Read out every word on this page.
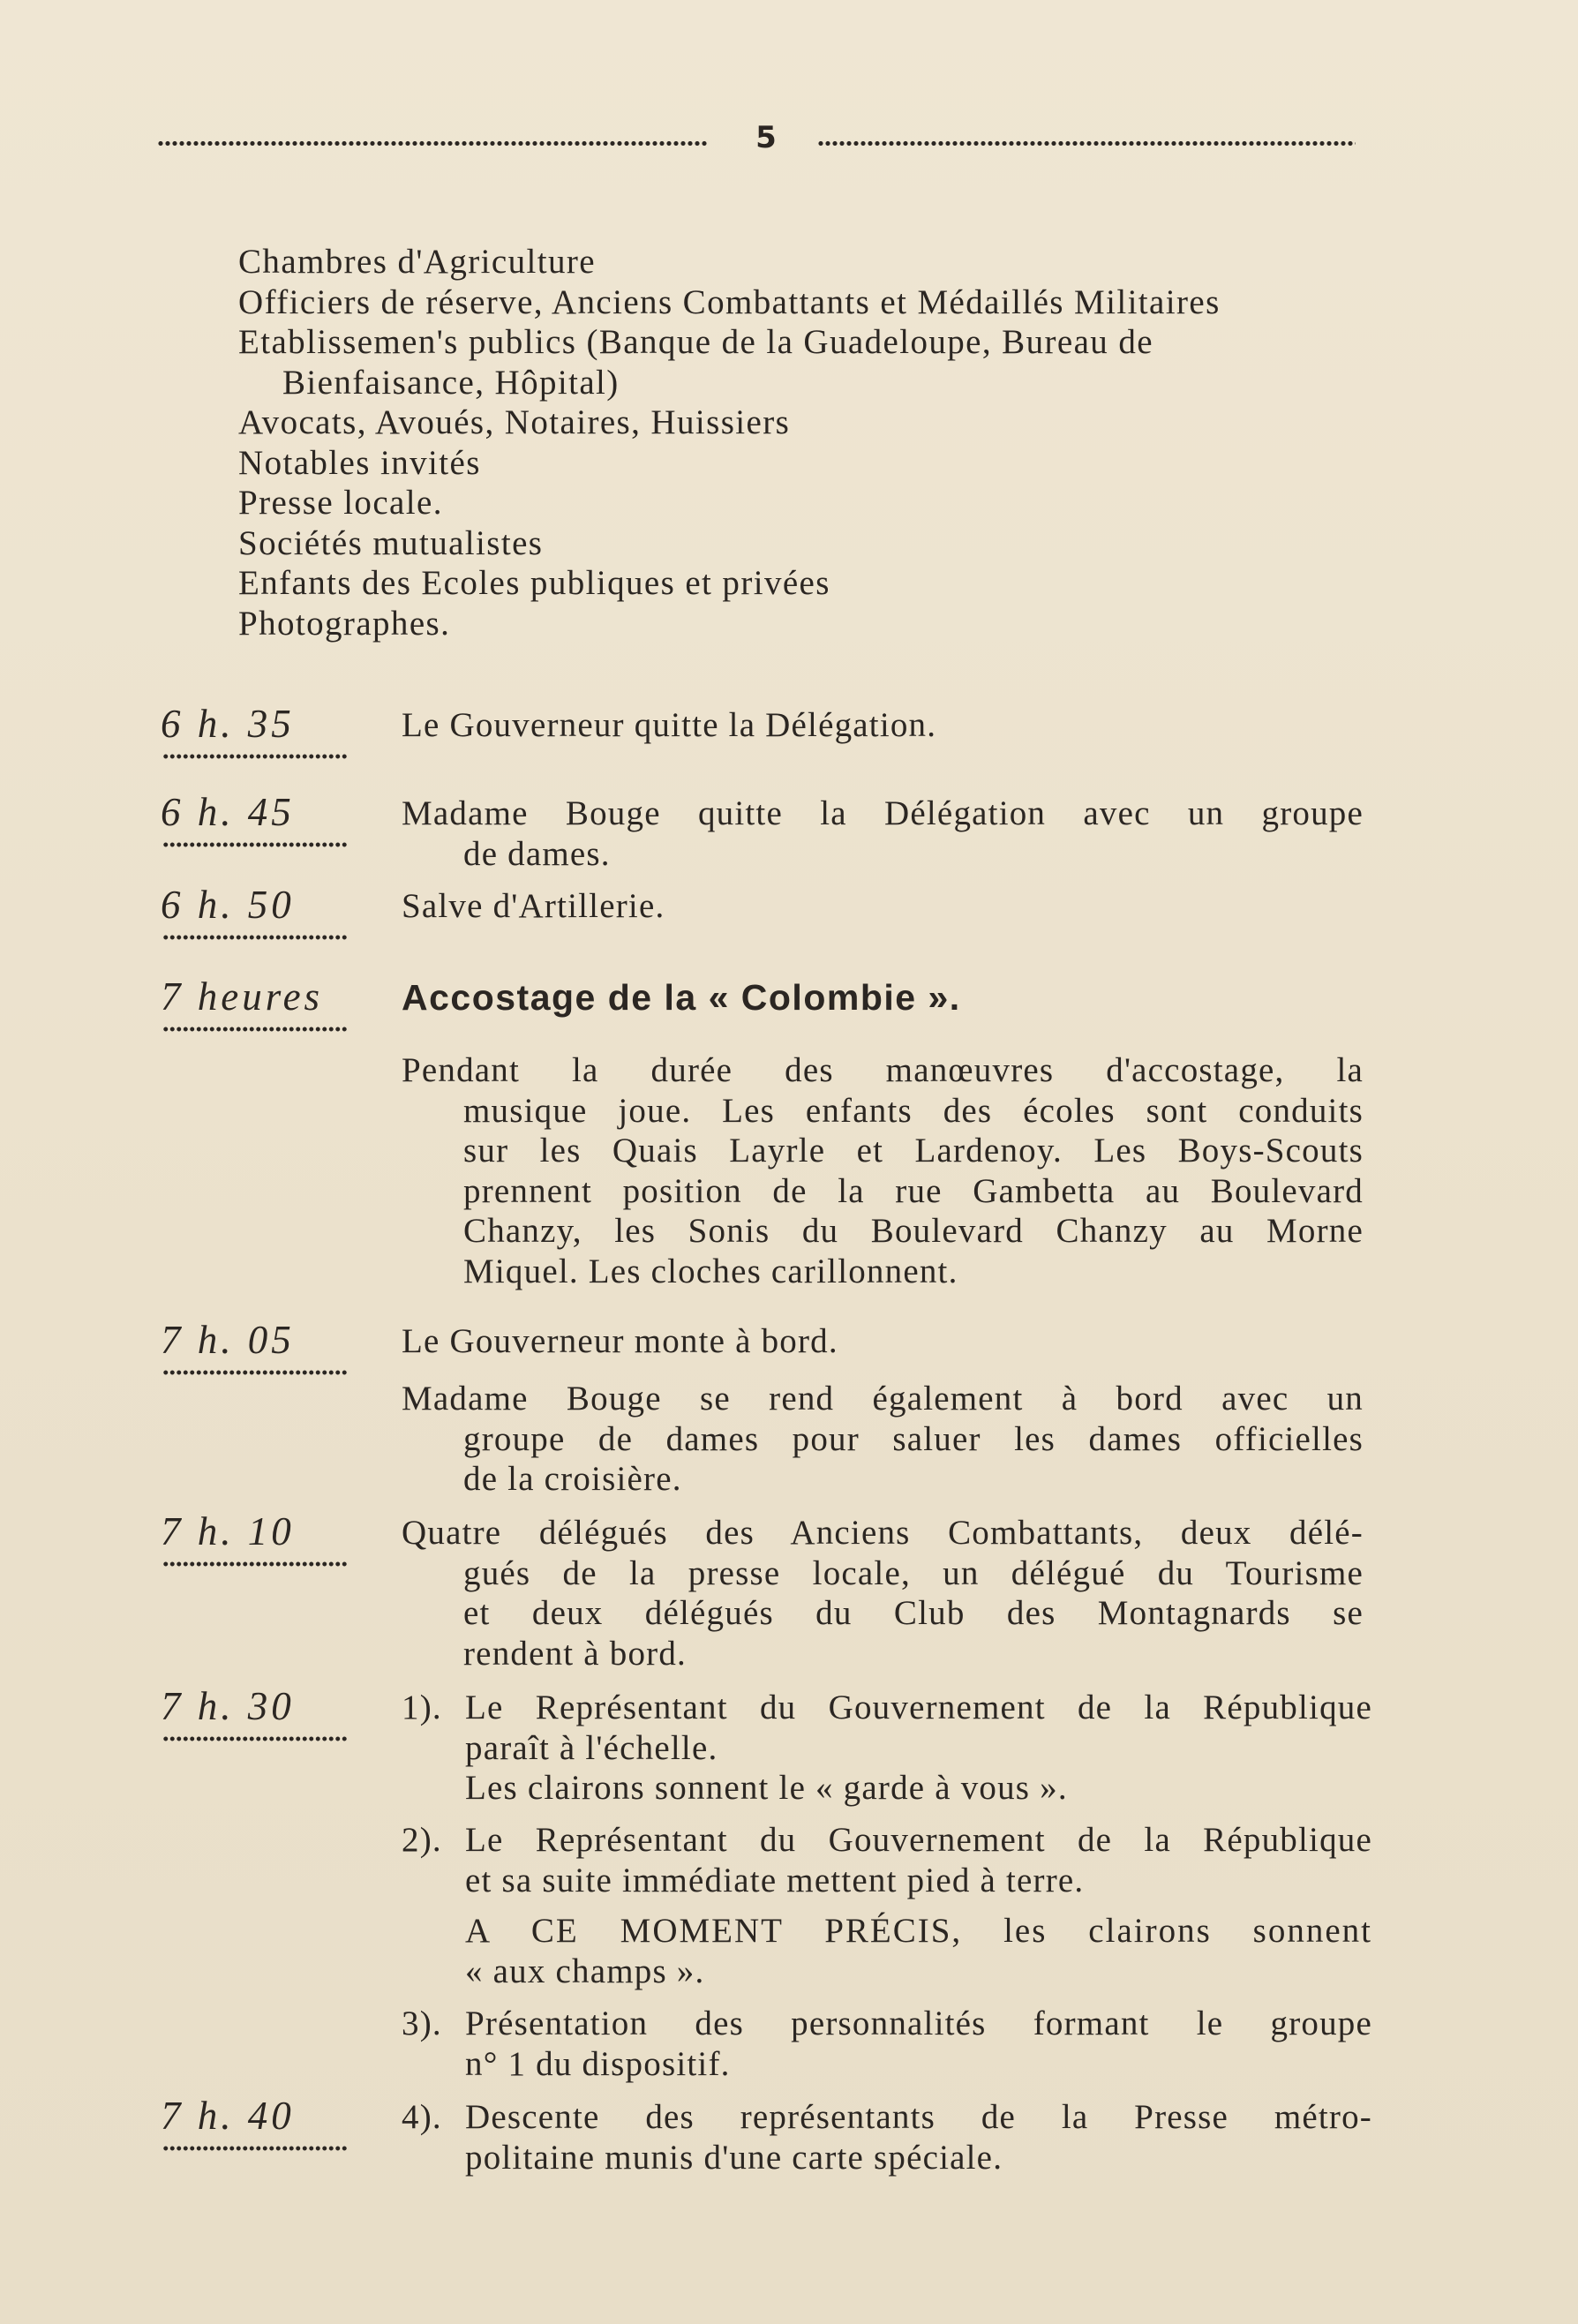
5
Chambres d'Agriculture
Officiers de réserve, Anciens Combattants et Médaillés Militaires
Etablissemen's publics (Banque de la Guadeloupe, Bureau de
Bienfaisance, Hôpital)
Avocats, Avoués, Notaires, Huissiers
Notables invités
Presse locale.
Sociétés mutualistes
Enfants des Ecoles publiques et privées
Photographes.
6 h. 35	Le Gouverneur quitte la Délégation.
6 h. 45	Madame Bouge quitte la Délégation avec un groupe
de dames.
6 h. 50	Salve d'Artillerie.
7 heures Accostage de la « Colombie ».
Pendant la durée des manœuvres d'accostage, la
musique joue. Les enfants des écoles sont conduits
sur les Quais Layrle et Lardenoy. Les Boys-Scouts
prennent position de la rue Gambetta au Boulevard
Chanzy, les Sonis du Boulevard Chanzy au Morne
Miquel. Les cloches carillonnent.
7 h. 05	Le Gouverneur monte à bord.
Madame Bouge se rend également à bord avec un
groupe de dames pour saluer les dames officielles
de la croisière.
7 h. 10	Quatre délégués des Anciens Combattants, deux délé-
gués de la presse locale, un délégué du Tourisme
et deux délégués du Club des Montagnards se
rendent à bord.
7 h. 30	1). Le Représentant du Gouvernement de la République
paraît à l'échelle.
Les clairons sonnent le « garde à vous ».
2). Le Représentant du Gouvernement de la République
et sa suite immédiate mettent pied à terre.
A CE MOMENT PRÉCIS, les clairons sonnent
« aux champs ».
3). Présentation des personnalités formant le groupe
n° 1 du dispositif.
7 h. 40	4). Descente des représentants de la Presse métro-
politaine munis d'une carte spéciale.
